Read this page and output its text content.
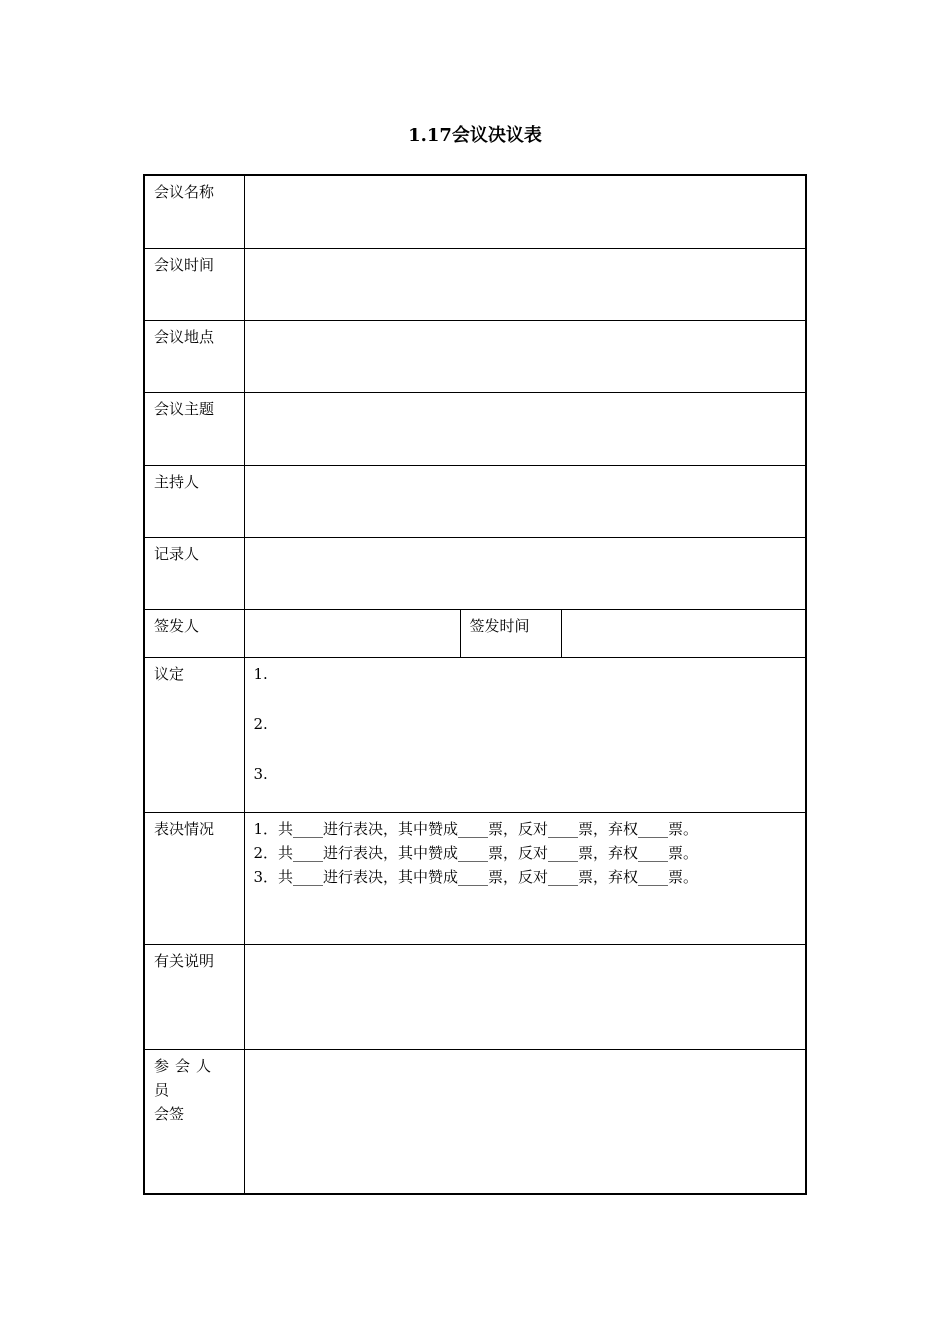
1.17会议决议表
会议名称			
会议时间			
会议地点			
会议主题			
主持人			
记录人			
签发人		签发时间	
议定	1.
2.
3.		

表决情况	1．共____进行表决，其中赞成____票，反对____票，弃权____票。
2．共____进行表决，其中赞成____票，反对____票，弃权____票。
3．共____进行表决，其中赞成____票，反对____票，弃权____票。		

有关说明			

参会人员
会签			
